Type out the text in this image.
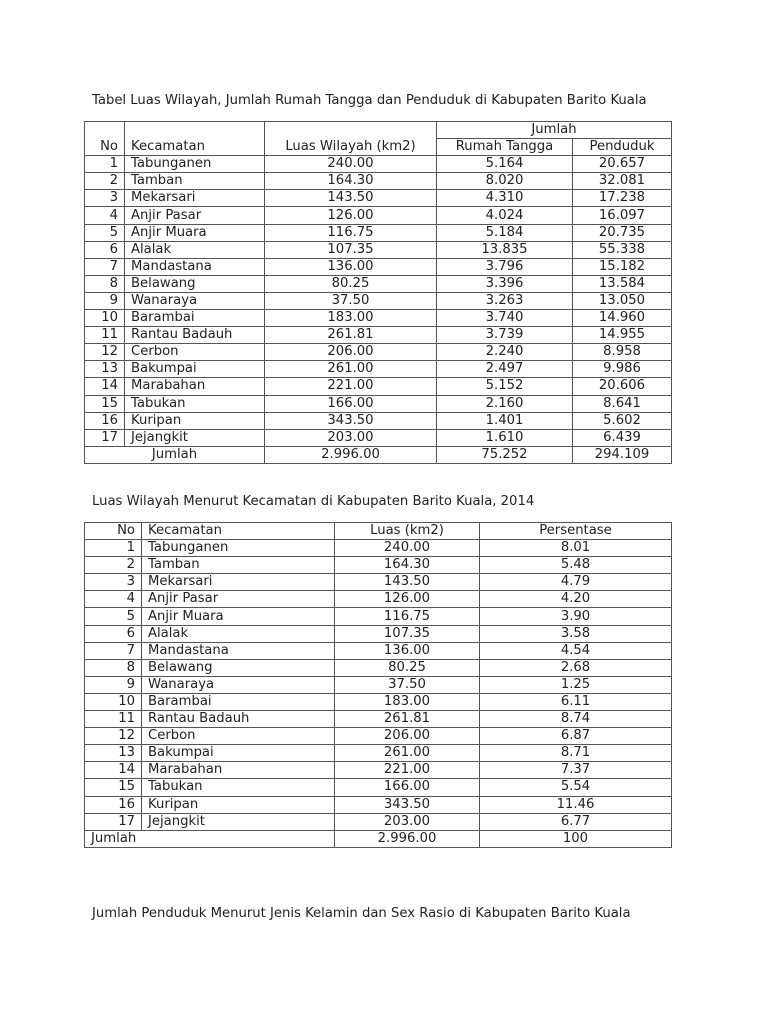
Tabel Luas Wilayah, Jumlah Rumah Tangga dan Penduduk di Kabupaten Barito Kuala
No	Kecamatan	Luas Wilayah (km2)	Jumlah	
			Rumah Tangga	Penduduk
1	Tabunganen	240.00	5.164	20.657
2	Tamban	164.30	8.020	32.081
3	Mekarsari	143.50	4.310	17.238
4	Anjir Pasar	126.00	4.024	16.097
5	Anjir Muara	116.75	5.184	20.735
6	Alalak	107.35	13.835	55.338
7	Mandastana	136.00	3.796	15.182
8	Belawang	80.25	3.396	13.584
9	Wanaraya	37.50	3.263	13.050
10	Barambai	183.00	3.740	14.960
11	Rantau Badauh	261.81	3.739	14.955
12	Cerbon	206.00	2.240	8.958
13	Bakumpai	261.00	2.497	9.986
14	Marabahan	221.00	5.152	20.606
15	Tabukan	166.00	2.160	8.641
16	Kuripan	343.50	1.401	5.602
17	Jejangkit	203.00	1.610	6.439
Jumlah		2.996.00	75.252	294.109
Luas Wilayah Menurut Kecamatan di Kabupaten Barito Kuala, 2014
No	Kecamatan	Luas (km2)	Persentase
1	Tabunganen	240.00	8.01
2	Tamban	164.30	5.48
3	Mekarsari	143.50	4.79
4	Anjir Pasar	126.00	4.20
5	Anjir Muara	116.75	3.90
6	Alalak	107.35	3.58
7	Mandastana	136.00	4.54
8	Belawang	80.25	2.68
9	Wanaraya	37.50	1.25
10	Barambai	183.00	6.11
11	Rantau Badauh	261.81	8.74
12	Cerbon	206.00	6.87
13	Bakumpai	261.00	8.71
14	Marabahan	221.00	7.37
15	Tabukan	166.00	5.54
16	Kuripan	343.50	11.46
17	Jejangkit	203.00	6.77
Jumlah		2.996.00	100
Jumlah Penduduk Menurut Jenis Kelamin dan Sex Rasio di Kabupaten Barito Kuala
